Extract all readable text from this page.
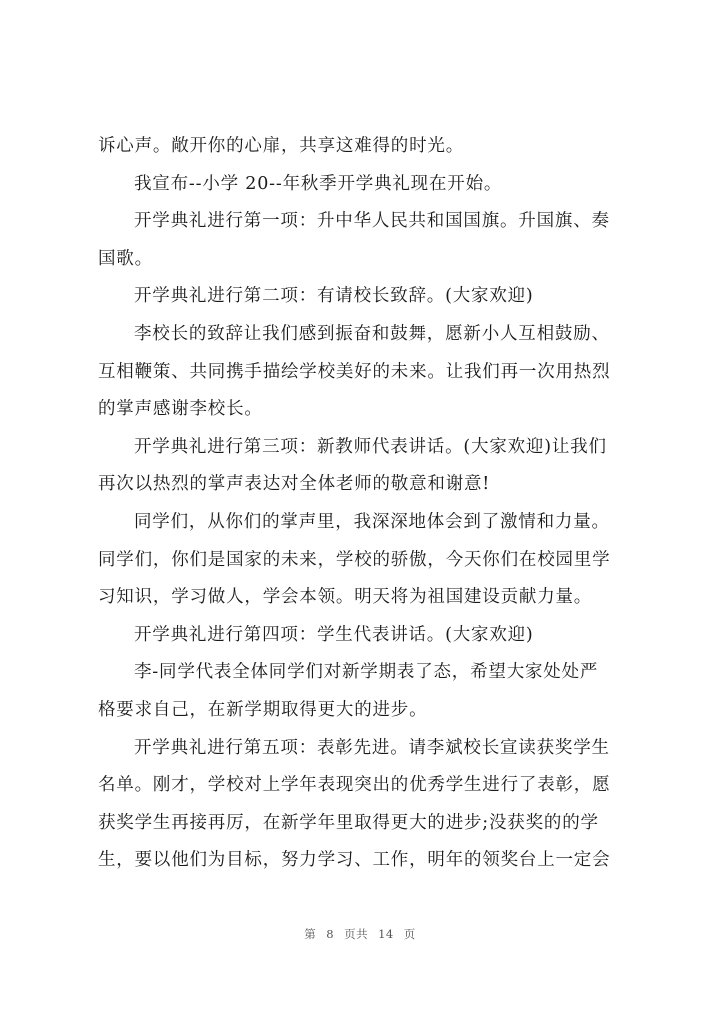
诉心声。敞开你的心扉，共享这难得的时光。
我宣布--小学 20--年秋季开学典礼现在开始。
开学典礼进行第一项：升中华人民共和国国旗。升国旗、奏
国歌。
开学典礼进行第二项：有请校长致辞。(大家欢迎)
李校长的致辞让我们感到振奋和鼓舞，愿新小人互相鼓励、
互相鞭策、共同携手描绘学校美好的未来。让我们再一次用热烈
的掌声感谢李校长。
开学典礼进行第三项：新教师代表讲话。(大家欢迎)让我们
再次以热烈的掌声表达对全体老师的敬意和谢意!
同学们，从你们的掌声里，我深深地体会到了激情和力量。
同学们，你们是国家的未来，学校的骄傲，今天你们在校园里学
习知识，学习做人，学会本领。明天将为祖国建设贡献力量。
开学典礼进行第四项：学生代表讲话。(大家欢迎)
李-同学代表全体同学们对新学期表了态，希望大家处处严
格要求自己，在新学期取得更大的进步。
开学典礼进行第五项：表彰先进。请李斌校长宣读获奖学生
名单。刚才，学校对上学年表现突出的优秀学生进行了表彰，愿
获奖学生再接再厉，在新学年里取得更大的进步;没获奖的的学
生，要以他们为目标，努力学习、工作，明年的领奖台上一定会
第 8 页共 14 页
